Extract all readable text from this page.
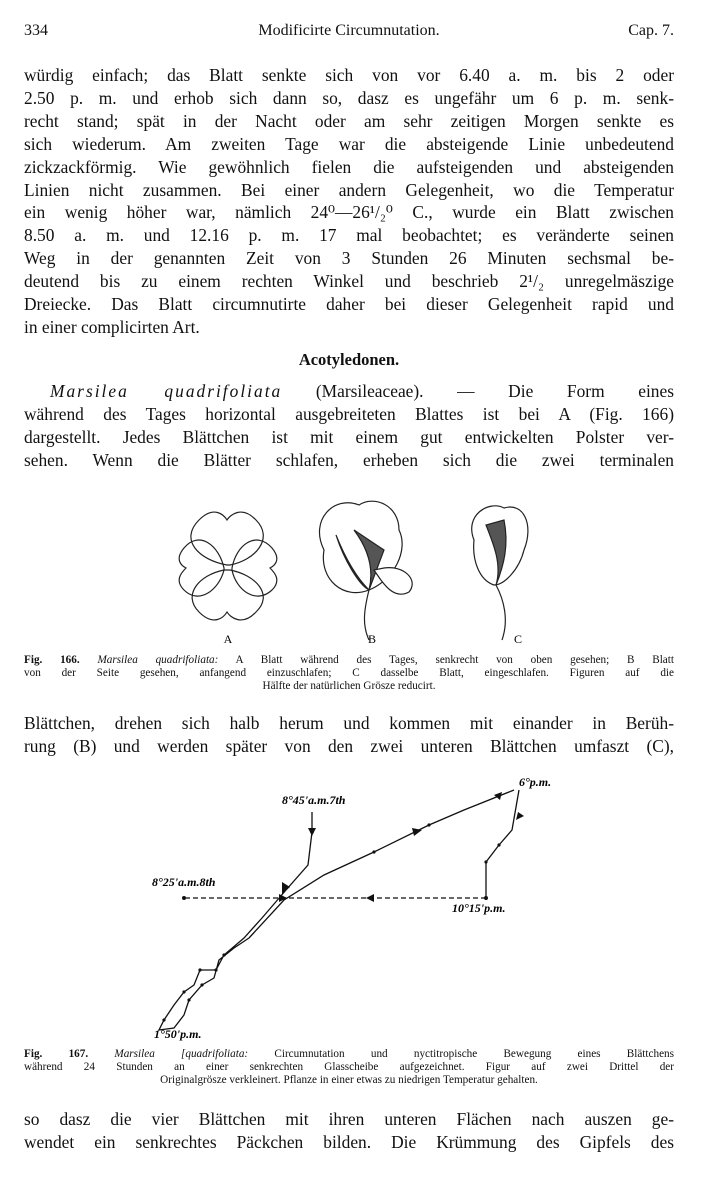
334	Modificirte Circumnutation.	Cap. 7.
würdig einfach; das Blatt senkte sich von vor 6.40 a. m. bis 2 oder
2.50 p. m. und erhob sich dann so, dasz es ungefähr um 6 p. m. senk-
recht stand; spät in der Nacht oder am sehr zeitigen Morgen senkte es
sich wiederum. Am zweiten Tage war die absteigende Linie unbedeutend
zickzackförmig. Wie gewöhnlich fielen die aufsteigenden und absteigenden
Linien nicht zusammen. Bei einer andern Gelegenheit, wo die Temperatur
ein wenig höher war, nämlich 24⁰—26¹/₂⁰ C., wurde ein Blatt zwischen
8.50 a. m. und 12.16 p. m. 17 mal beobachtet; es veränderte seinen
Weg in der genannten Zeit von 3 Stunden 26 Minuten sechsmal be-
deutend bis zu einem rechten Winkel und beschrieb 2¹/₂ unregelmäszige
Dreiecke. Das Blatt circumnutirte daher bei dieser Gelegenheit rapid und
in einer complicirten Art.
Acotyledonen.
Marsilea quadrifoliata (Marsileaceae). — Die Form eines
während des Tages horizontal ausgebreiteten Blattes ist bei A (Fig. 166)
dargestellt. Jedes Blättchen ist mit einem gut entwickelten Polster ver-
sehen. Wenn die Blätter schlafen, erheben sich die zwei terminalen
A	B	C
Fig. 166. Marsilea quadrifoliata: A Blatt während des Tages, senkrecht von oben gesehen; B Blatt
von der Seite gesehen, anfangend einzuschlafen; C dasselbe Blatt, eingeschlafen. Figuren auf die
Hälfte der natürlichen Grösze reducirt.
Blättchen, drehen sich halb herum und kommen mit einander in Berüh-
rung (B) und werden später von den zwei unteren Blättchen umfaszt (C),
8°45'a.m.7th
6°p.m.
8°25'a.m.8th
10°15'p.m.
1°50'p.m.
Fig. 167. Marsilea [quadrifoliata: Circumnutation und nyctitropische Bewegung eines Blättchens
während 24 Stunden an einer senkrechten Glasscheibe aufgezeichnet. Figur auf zwei Drittel der
Originalgrösze verkleinert. Pflanze in einer etwas zu niedrigen Temperatur gehalten.
so dasz die vier Blättchen mit ihren unteren Flächen nach auszen ge-
wendet ein senkrechtes Päckchen bilden. Die Krümmung des Gipfels des
